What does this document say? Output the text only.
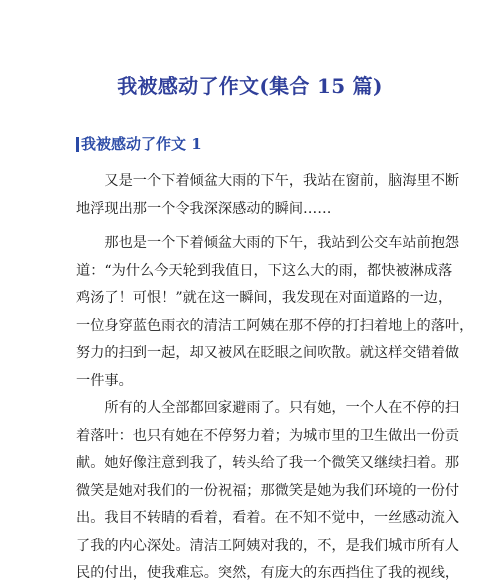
我被感动了作文(集合 15 篇)
我被感动了作文 1
　　又是一个下着倾盆大雨的下午，我站在窗前，脑海里不断
地浮现出那一个令我深深感动的瞬间……
　　那也是一个下着倾盆大雨的下午，我站到公交车站前抱怨
道：“为什么今天轮到我值日，下这么大的雨，都快被淋成落
鸡汤了！可恨！”就在这一瞬间，我发现在对面道路的一边，
一位身穿蓝色雨衣的清洁工阿姨在那不停的打扫着地上的落叶，
努力的扫到一起，却又被风在眨眼之间吹散。就这样交错着做
一件事。
　　所有的人全部都回家避雨了。只有她，一个人在不停的扫
着落叶：也只有她在不停努力着；为城市里的卫生做出一份贡
献。她好像注意到我了，转头给了我一个微笑又继续扫着。那
微笑是她对我们的一份祝福；那微笑是她为我们环境的一份付
出。我目不转睛的看着，看着。在不知不觉中，一丝感动流入
了我的内心深处。清洁工阿姨对我的，不，是我们城市所有人
民的付出，使我难忘。突然，有庞大的东西挡住了我的视线，
